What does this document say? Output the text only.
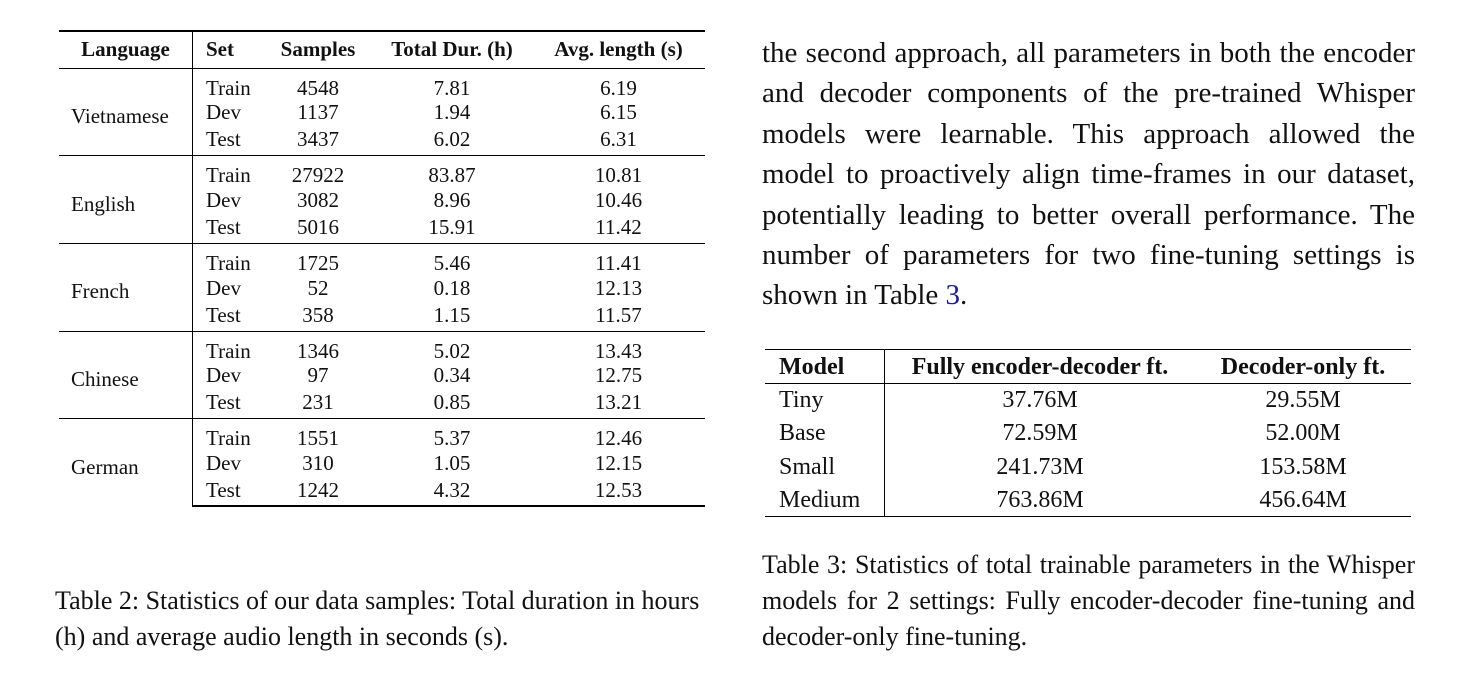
Language	Set	Samples	Total Dur. (h)	Avg. length (s)
Vietnamese	Train	4548	7.81	6.19
	Dev	1137	1.94	6.15
	Test	3437	6.02	6.31
English	Train	27922	83.87	10.81
	Dev	3082	8.96	10.46
	Test	5016	15.91	11.42
French	Train	1725	5.46	11.41
	Dev	52	0.18	12.13
	Test	358	1.15	11.57
Chinese	Train	1346	5.02	13.43
	Dev	97	0.34	12.75
	Test	231	0.85	13.21
German	Train	1551	5.37	12.46
	Dev	310	1.05	12.15
	Test	1242	4.32	12.53
Table 2: Statistics of our data samples: Total duration in hours (h) and average audio length in seconds (s).
the second approach, all parameters in both the encoder and decoder components of the pre-trained Whisper models were learnable. This approach allowed the model to proactively align time-frames in our dataset, potentially leading to better overall performance. The number of parameters for two fine-tuning settings is shown in Table 3.
Model	Fully encoder-decoder ft.	Decoder-only ft.
Tiny	37.76M	29.55M
Base	72.59M	52.00M
Small	241.73M	153.58M
Medium	763.86M	456.64M
Table 3: Statistics of total trainable parameters in the Whisper models for 2 settings: Fully encoder-decoder fine-tuning and decoder-only fine-tuning.
